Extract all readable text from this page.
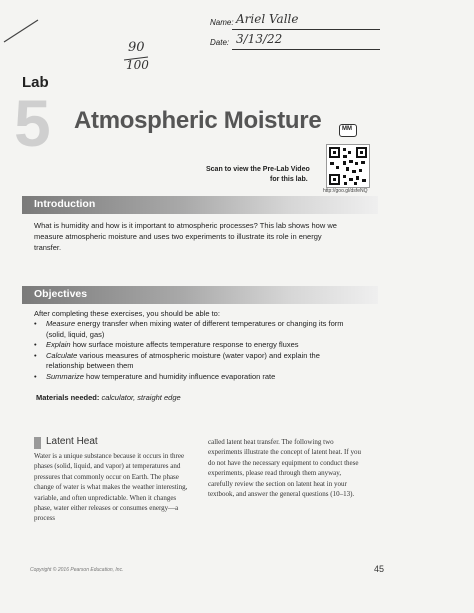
Name: Ariel Valle
Date: 3/13/22
90
100
Lab
5 Atmospheric Moisture	MM
Scan to view the Pre-Lab Video
for this lab.
http://goo.gl/dsfeNQ
Introduction
What is humidity and how is it important to atmospheric processes? This lab shows how we measure atmospheric moisture and uses two experiments to illustrate its role in energy transfer.
Objectives
After completing these exercises, you should be able to:
• Measure energy transfer when mixing water of different temperatures or changing its form (solid, liquid, gas)
• Explain how surface moisture affects temperature response to energy fluxes
• Calculate various measures of atmospheric moisture (water vapor) and explain the relationship between them
• Summarize how temperature and humidity influence evaporation rate
Materials needed: calculator, straight edge
Latent Heat
Water is a unique substance because it occurs in three phases (solid, liquid, and vapor) at temperatures and pressures that commonly occur on Earth. The phase change of water is what makes the weather interesting, variable, and often unpredictable. When it changes phase, water either releases or consumes energy—a process
called latent heat transfer. The following two experiments illustrate the concept of latent heat. If you do not have the necessary equipment to conduct these experiments, please read through them anyway, carefully review the section on latent heat in your textbook, and answer the general questions (10–13).
Copyright © 2016 Pearson Education, Inc.	45
